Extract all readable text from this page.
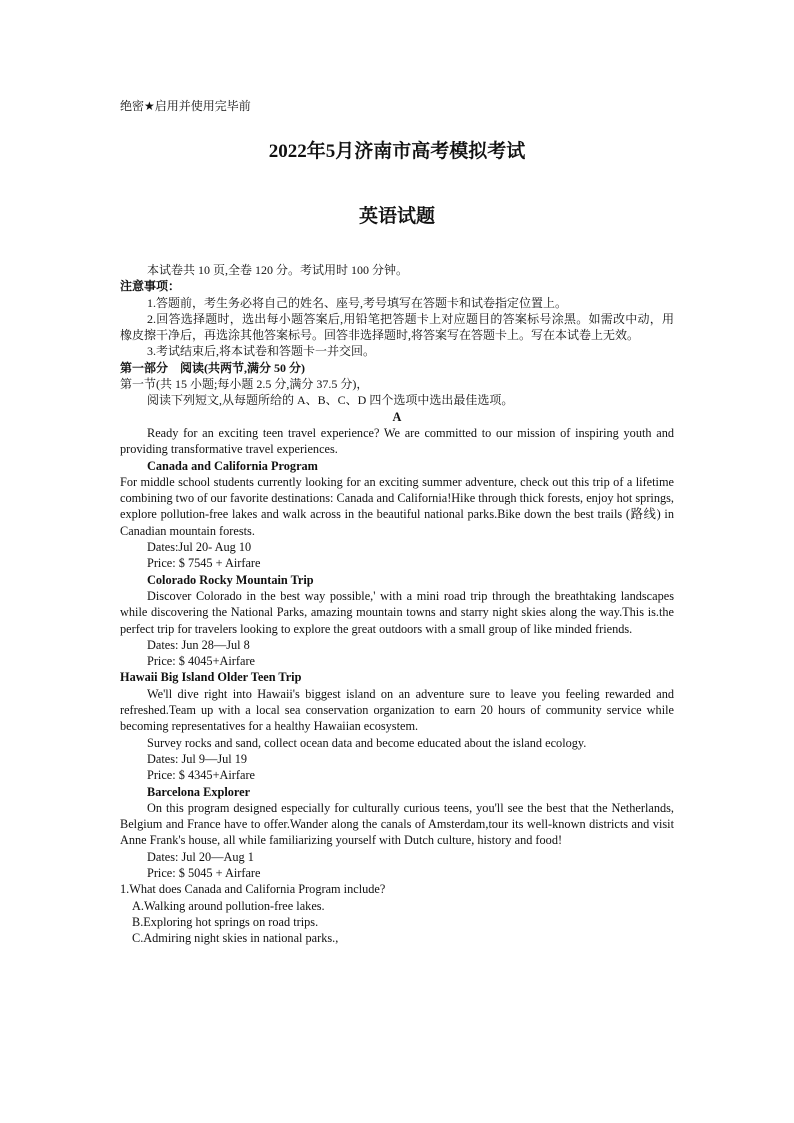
绝密★启用并使用完毕前
2022年5月济南市高考模拟考试
英语试题

本试卷共 10 页,全卷 120 分。考试用时 100 分钟。

注意事项：

1.答题前，考生务必将自己的姓名、座号,考号填写在答题卡和试卷指定位置上。

2.回答选择题时，选出每小题答案后,用铅笔把答题卡上对应题目的答案标号涂黑。如需改中动，用橡皮擦干净后，再选涂其他答案标号。回答非选择题时,将答案写在答题卡上。写在本试卷上无效。

3.考试结束后,将本试卷和答题卡一并交回。

第一部分　阅读(共两节,满分 50 分)

第一节(共 15 小题;每小题 2.5 分,满分 37.5 分)，

阅读下列短文,从每题所给的 A、B、C、D 四个选项中选出最佳选项。

A

Ready for an exciting teen travel experience? We are committed to our mission of inspiring youth and providing transformative travel experiences.

Canada and California Program

For middle school students currently looking for an exciting summer adventure, check out this trip of a lifetime combining two of our favorite destinations: Canada and California!Hike through thick forests, enjoy hot springs, explore pollution-free lakes and walk across in the beautiful national parks.Bike down the best trails (路线) in Canadian mountain forests.

Dates:Jul 20- Aug 10

Price: $ 7545 + Airfare

Colorado Rocky Mountain Trip

Discover Colorado in the best way possible,' with a mini road trip through the breathtaking landscapes while discovering the National Parks, amazing mountain towns and starry night skies along the way.This is.the perfect trip for travelers looking to explore the great outdoors with a small group of like minded friends.

Dates: Jun 28—Jul 8

Price: $ 4045+Airfare

Hawaii Big Island Older Teen Trip

We'll dive right into Hawaii's biggest island on an adventure sure to leave you feeling rewarded and refreshed.Team up with a local sea conservation organization to earn 20 hours of community service while becoming representatives for a healthy Hawaiian ecosystem.

Survey rocks and sand, collect ocean data and become educated about the island ecology.

Dates: Jul 9—Jul 19

Price: $ 4345+Airfare

Barcelona Explorer

On this program designed especially for culturally curious teens, you'll see the best that the Netherlands, Belgium and France have to offer.Wander along the canals of Amsterdam,tour its well-known districts and visit Anne Frank's house, all while familiarizing yourself with Dutch culture, history and food!

Dates: Jul 20—Aug 1

Price: $ 5045 + Airfare

1.What does Canada and California Program include?

A.Walking around pollution-free lakes.

B.Exploring hot springs on road trips.

C.Admiring night skies in national parks.,
